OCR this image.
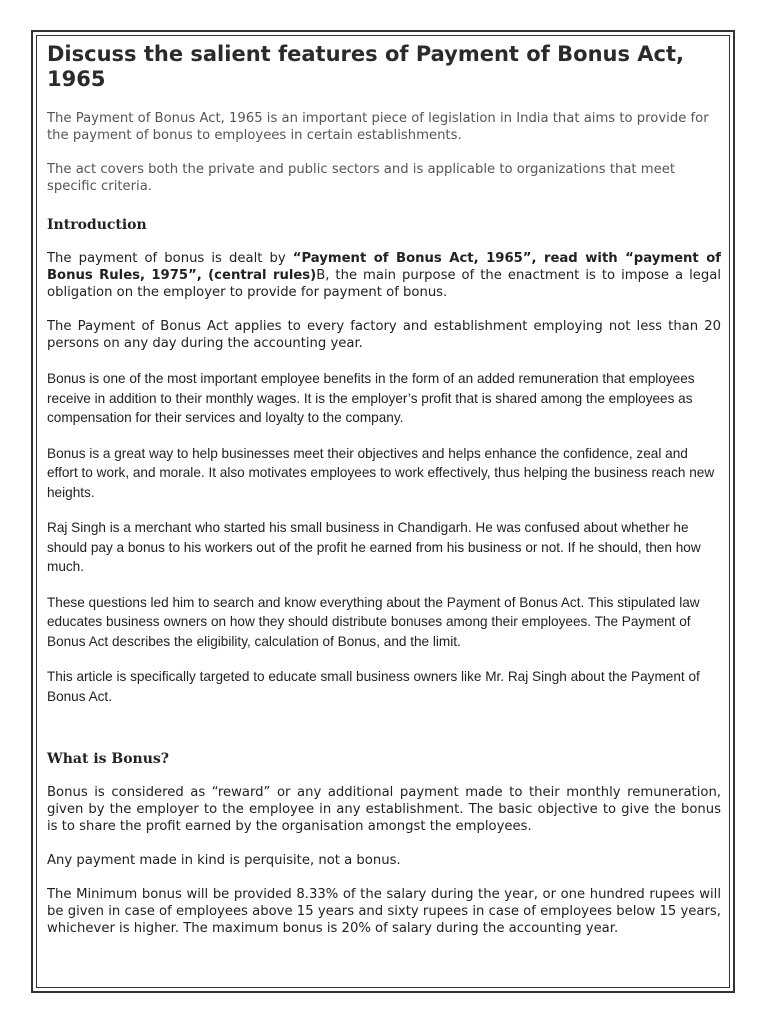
Discuss the salient features of Payment of Bonus Act, 1965

The Payment of Bonus Act, 1965 is an important piece of legislation in India that aims to provide for the payment of bonus to employees in certain establishments.

The act covers both the private and public sectors and is applicable to organizations that meet specific criteria.

Introduction

The payment of bonus is dealt by “Payment of Bonus Act, 1965”, read with “payment of Bonus Rules, 1975”, (central rules)B, the main purpose of the enactment is to impose a legal obligation on the employer to provide for payment of bonus.

The Payment of Bonus Act applies to every factory and establishment employing not less than 20 persons on any day during the accounting year.

Bonus is one of the most important employee benefits in the form of an added remuneration that employees receive in addition to their monthly wages. It is the employer’s profit that is shared among the employees as compensation for their services and loyalty to the company.

Bonus is a great way to help businesses meet their objectives and helps enhance the confidence, zeal and effort to work, and morale. It also motivates employees to work effectively, thus helping the business reach new heights.

Raj Singh is a merchant who started his small business in Chandigarh. He was confused about whether he should pay a bonus to his workers out of the profit he earned from his business or not. If he should, then how much.

These questions led him to search and know everything about the Payment of Bonus Act. This stipulated law educates business owners on how they should distribute bonuses among their employees. The Payment of Bonus Act describes the eligibility, calculation of Bonus, and the limit.

This article is specifically targeted to educate small business owners like Mr. Raj Singh about the Payment of Bonus Act.

What is Bonus?

Bonus is considered as “reward” or any additional payment made to their monthly remuneration, given by the employer to the employee in any establishment. The basic objective to give the bonus is to share the profit earned by the organisation amongst the employees.

Any payment made in kind is perquisite, not a bonus.

The Minimum bonus will be provided 8.33% of the salary during the year, or one hundred rupees will be given in case of employees above 15 years and sixty rupees in case of employees below 15 years, whichever is higher. The maximum bonus is 20% of salary during the accounting year.
